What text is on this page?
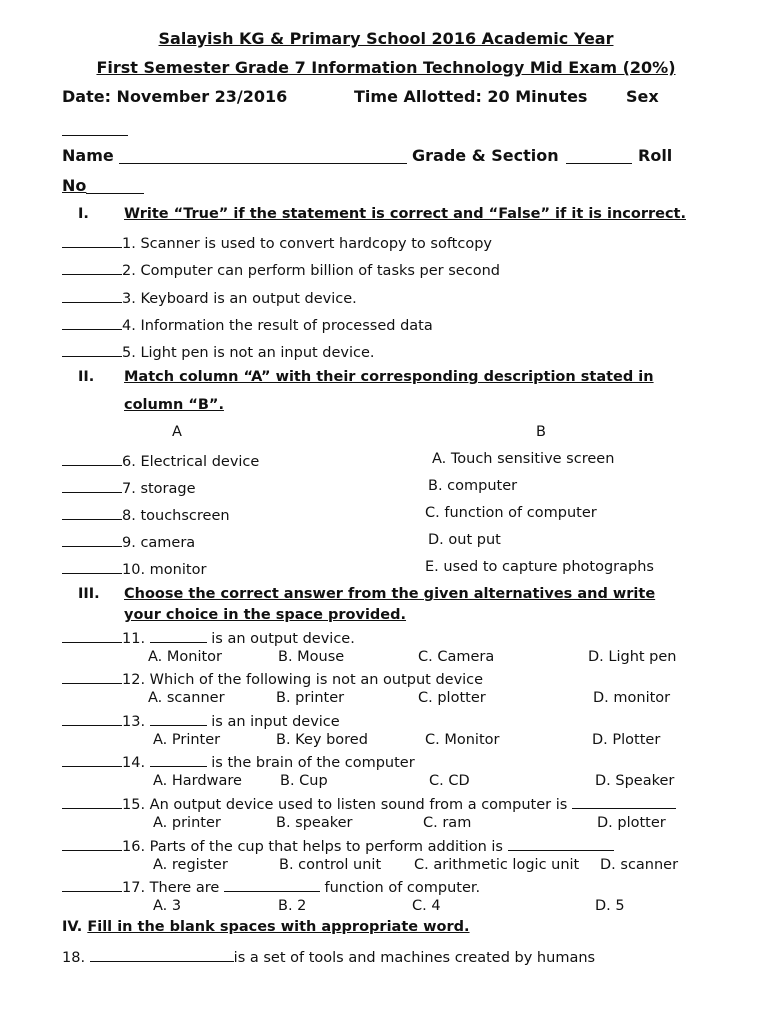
Salayish KG & Primary School 2016 Academic Year
First Semester Grade 7 Information Technology Mid Exam (20%)
Date: November 23/2016	Time Allotted: 20 Minutes Sex
Name	Grade & Section	Roll
No
I. Write “True” if the statement is correct and “False” if it is incorrect.
1. Scanner is used to convert hardcopy to softcopy
2. Computer can perform billion of tasks per second
3. Keyboard is an output device.
4. Information the result of processed data
5. Light pen is not an input device.
II. Match column “A” with their corresponding description stated in
column “B”.
A	B
6. Electrical device	A. Touch sensitive screen
7. storage	B. computer
8. touchscreen	C. function of computer
9. camera	D. out put
10. monitor	E. used to capture photographs
III. Choose the correct answer from the given alternatives and write
your choice in the space provided.
11.	is an output device.
A. Monitor	B. Mouse	C. Camera	D. Light pen
12. Which of the following is not an output device
A. scanner	B. printer	C. plotter	D. monitor
13.	is an input device
A. Printer	B. Key bored	C. Monitor	D. Plotter
14.	is the brain of the computer
A. Hardware	B. Cup	C. CD	D. Speaker
15. An output device used to listen sound from a computer is
A. printer	B. speaker	C. ram	D. plotter
16. Parts of the cup that helps to perform addition is
A. register	B. control unit C. arithmetic logic unit D. scanner
17. There are	function of computer.
A. 3	B. 2	C. 4	D. 5
IV. Fill in the blank spaces with appropriate word.
18.	is a set of tools and machines created by humans
